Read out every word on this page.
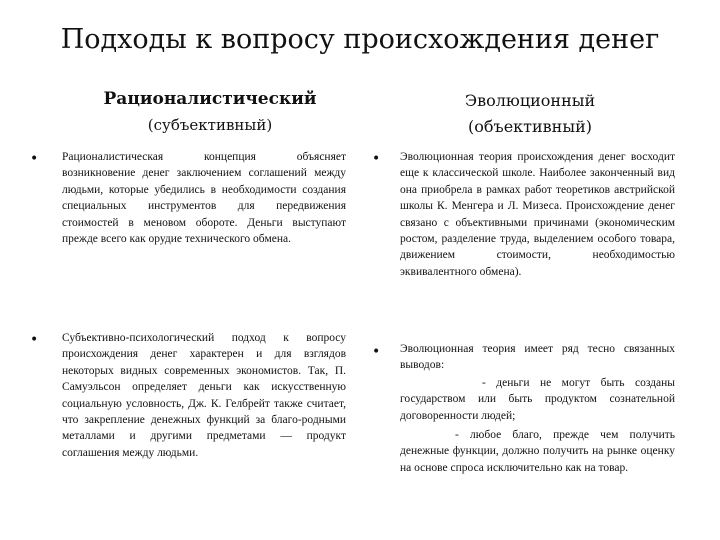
Подходы к вопросу происхождения денег
Рационалистический
(субъективный)
Эволюционный
(объективный)
• Рационалистическая концепция объясняет возникновение денег заключением соглашений между людьми, которые убедились в необходимости создания специальных инструментов для передвижения стоимостей в меновом обороте. Деньги выступают прежде всего как орудие технического обмена.
• Субъективно-психологический подход к вопросу происхождения денег характерен и для взглядов некоторых видных современных экономистов. Так, П. Самуэльсон определяет деньги как искусственную социальную условность, Дж. К. Гелбрейт также считает, что закрепление денежных функций за благо-родными металлами и другими предметами — продукт соглашения между людьми.
• Эволюционная теория происхождения денег восходит еще к классической школе. Наиболее законченный вид она приобрела в рамках работ теоретиков австрийской школы К. Менгера и Л. Мизеса. Происхождение денег связано с объективными причинами (экономическим ростом, разделение труда, выделением особого товара, движением стоимости, необходимостью эквивалентного обмена).
• Эволюционная теория имеет ряд тесно связанных выводов:
- деньги не могут быть созданы государством или быть продуктом сознательной договоренности людей;
- любое благо, прежде чем получить денежные функции, должно получить на рынке оценку на основе спроса исключительно как на товар.
